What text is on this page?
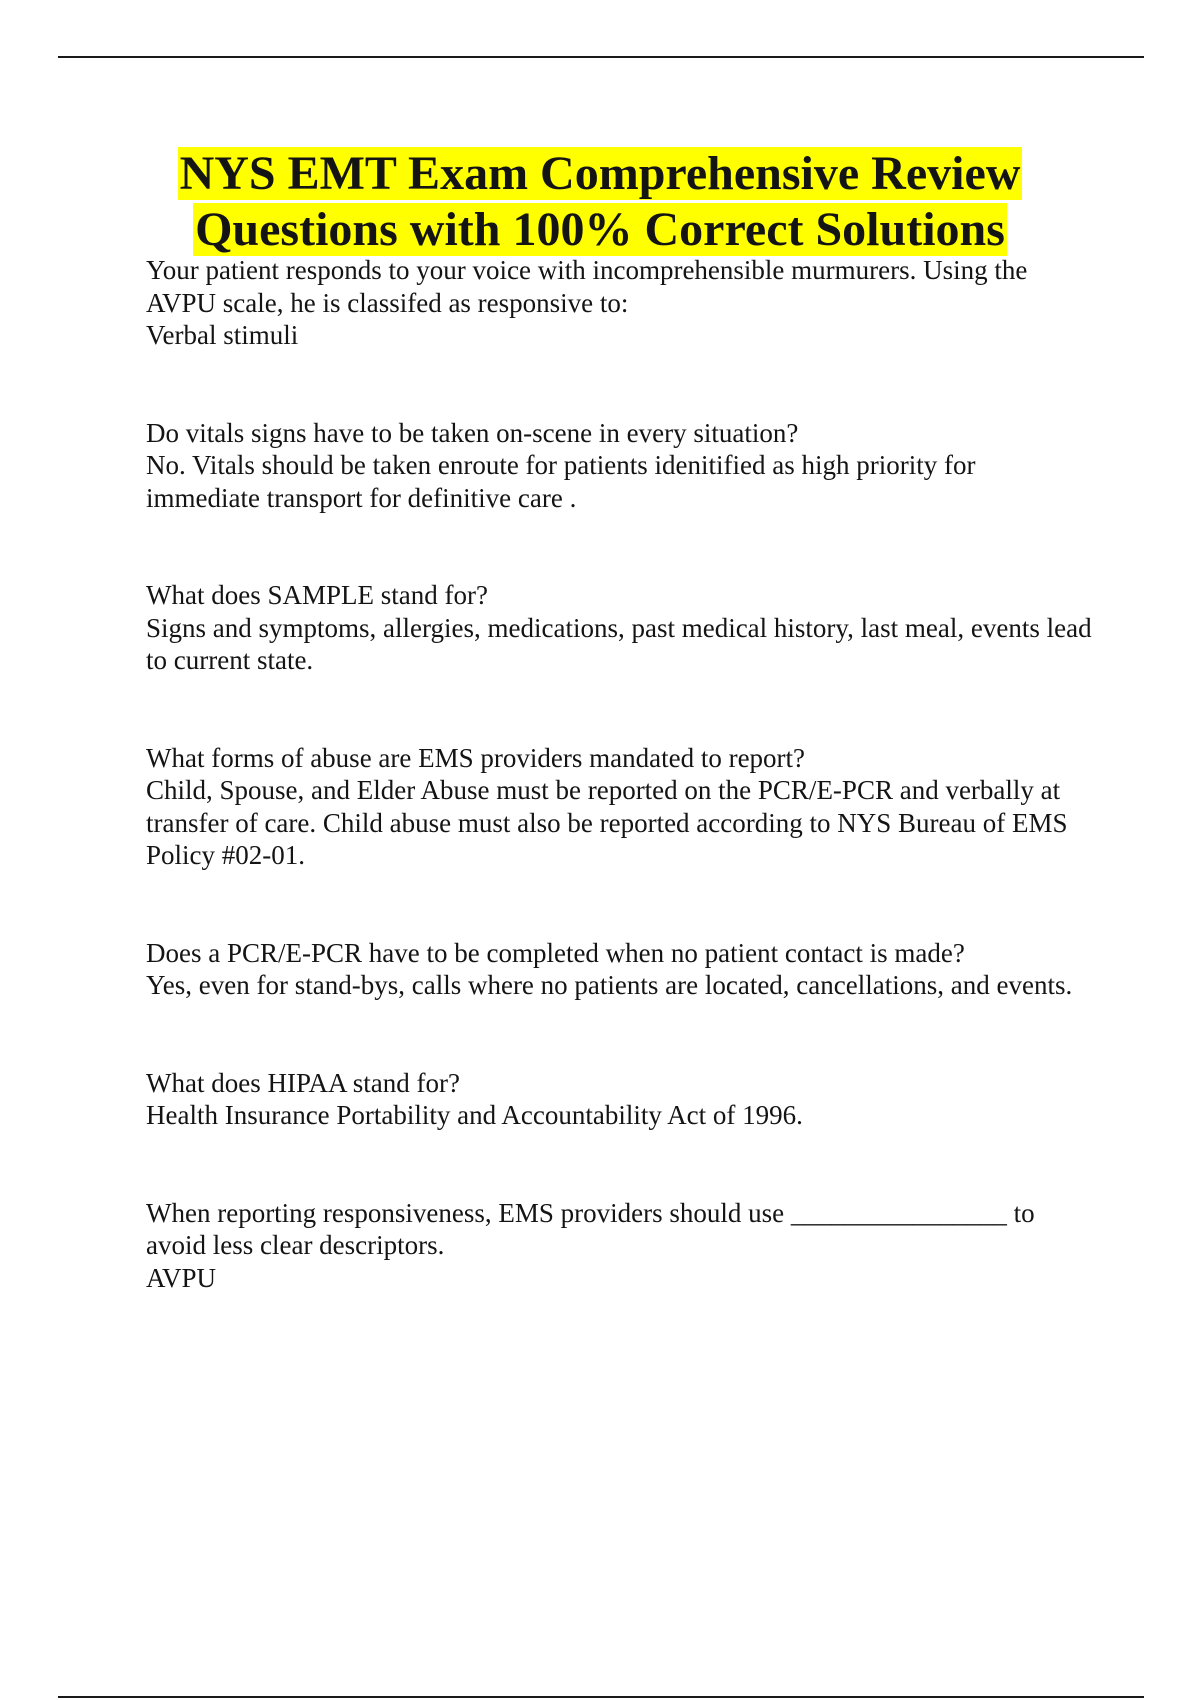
NYS EMT Exam Comprehensive Review
Questions with 100% Correct Solutions

Your patient responds to your voice with incomprehensible murmurers. Using the AVPU scale, he is classifed as responsive to:

Verbal stimuli

Do vitals signs have to be taken on-scene in every situation?

No. Vitals should be taken enroute for patients idenitified as high priority for immediate transport for definitive care .

What does SAMPLE stand for?

Signs and symptoms, allergies, medications, past medical history, last meal, events lead to current state.

What forms of abuse are EMS providers mandated to report?

Child, Spouse, and Elder Abuse must be reported on the PCR/E-PCR and verbally at transfer of care. Child abuse must also be reported according to NYS Bureau of EMS Policy #02-01.

Does a PCR/E-PCR have to be completed when no patient contact is made?

Yes, even for stand-bys, calls where no patients are located, cancellations, and events.

What does HIPAA stand for?

Health Insurance Portability and Accountability Act of 1996.

When reporting responsiveness, EMS providers should use ________________ to avoid less clear descriptors.

AVPU
